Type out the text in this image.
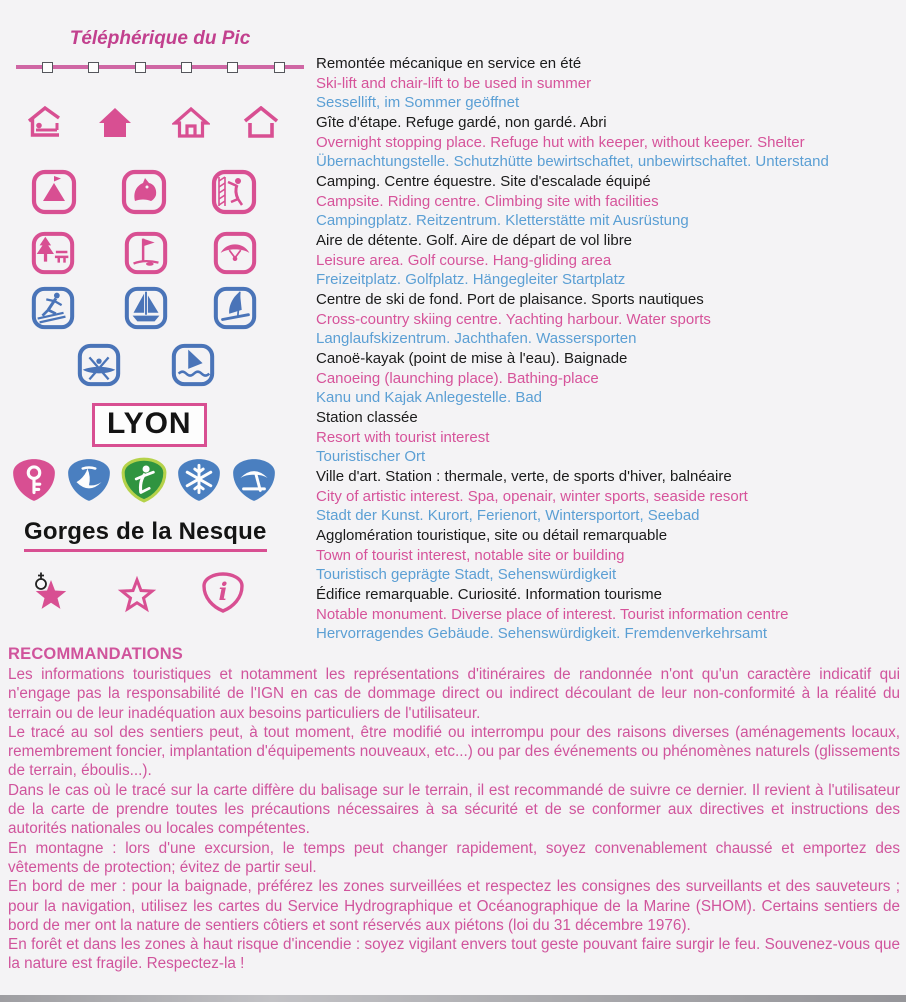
Téléphérique du Pic
LYON
Gorges de la Nesque
i
Remontée mécanique en service en été
Ski-lift and chair-lift to be used in summer
Sessellift, im Sommer geöffnet
Gîte d'étape. Refuge gardé, non gardé. Abri
Overnight stopping place. Refuge hut with keeper, without keeper. Shelter
Übernachtungstelle. Schutzhütte bewirtschaftet, unbewirtschaftet. Unterstand
Camping. Centre équestre. Site d'escalade équipé
Campsite. Riding centre. Climbing site with facilities
Campingplatz. Reitzentrum. Kletterstätte mit Ausrüstung
Aire de détente. Golf. Aire de départ de vol libre
Leisure area. Golf course. Hang-gliding area
Freizeitplatz. Golfplatz. Hängegleiter Startplatz
Centre de ski de fond. Port de plaisance. Sports nautiques
Cross-country skiing centre. Yachting harbour. Water sports
Langlaufskizentrum. Jachthafen. Wassersporten
Canoë-kayak (point de mise à l'eau). Baignade
Canoeing (launching place). Bathing-place
Kanu und Kajak Anlegestelle. Bad
Station classée
Resort with tourist interest
Touristischer Ort
Ville d'art. Station : thermale, verte, de sports d'hiver, balnéaire
City of artistic interest. Spa, openair, winter sports, seaside resort
Stadt der Kunst. Kurort, Ferienort, Wintersportort, Seebad
Agglomération touristique, site ou détail remarquable
Town of tourist interest, notable site or building
Touristisch geprägte Stadt, Sehenswürdigkeit
Édifice remarquable. Curiosité. Information tourisme
Notable monument. Diverse place of interest. Tourist information centre
Hervorragendes Gebäude. Sehenswürdigkeit. Fremdenverkehrsamt
RECOMMANDATIONS

Les informations touristiques et notamment les représentations d'itinéraires de randonnée n'ont qu'un caractère indicatif qui n'engage pas la responsabilité de l'IGN en cas de dommage direct ou indirect découlant de leur non-conformité à la réalité du terrain ou de leur inadéquation aux besoins particuliers de l'utilisateur.

Le tracé au sol des sentiers peut, à tout moment, être modifié ou interrompu pour des raisons diverses (aménagements locaux, remembrement foncier, implantation d'équipements nouveaux, etc...) ou par des événements ou phénomènes naturels (glissements de terrain, éboulis...).

Dans le cas où le tracé sur la carte diffère du balisage sur le terrain, il est recommandé de suivre ce dernier. Il revient à l'utilisateur de la carte de prendre toutes les précautions nécessaires à sa sécurité et de se conformer aux directives et instructions des autorités nationales ou locales compétentes.

En montagne : lors d'une excursion, le temps peut changer rapidement, soyez convenablement chaussé et emportez des vêtements de protection; évitez de partir seul.

En bord de mer : pour la baignade, préférez les zones surveillées et respectez les consignes des surveillants et des sauveteurs ; pour la navigation, utilisez les cartes du Service Hydrographique et Océanographique de la Marine (SHOM). Certains sentiers de bord de mer ont la nature de sentiers côtiers et sont réservés aux piétons (loi du 31 décembre 1976).

En forêt et dans les zones à haut risque d'incendie : soyez vigilant envers tout geste pouvant faire surgir le feu. Souvenez-vous que la nature est fragile. Respectez-la !
